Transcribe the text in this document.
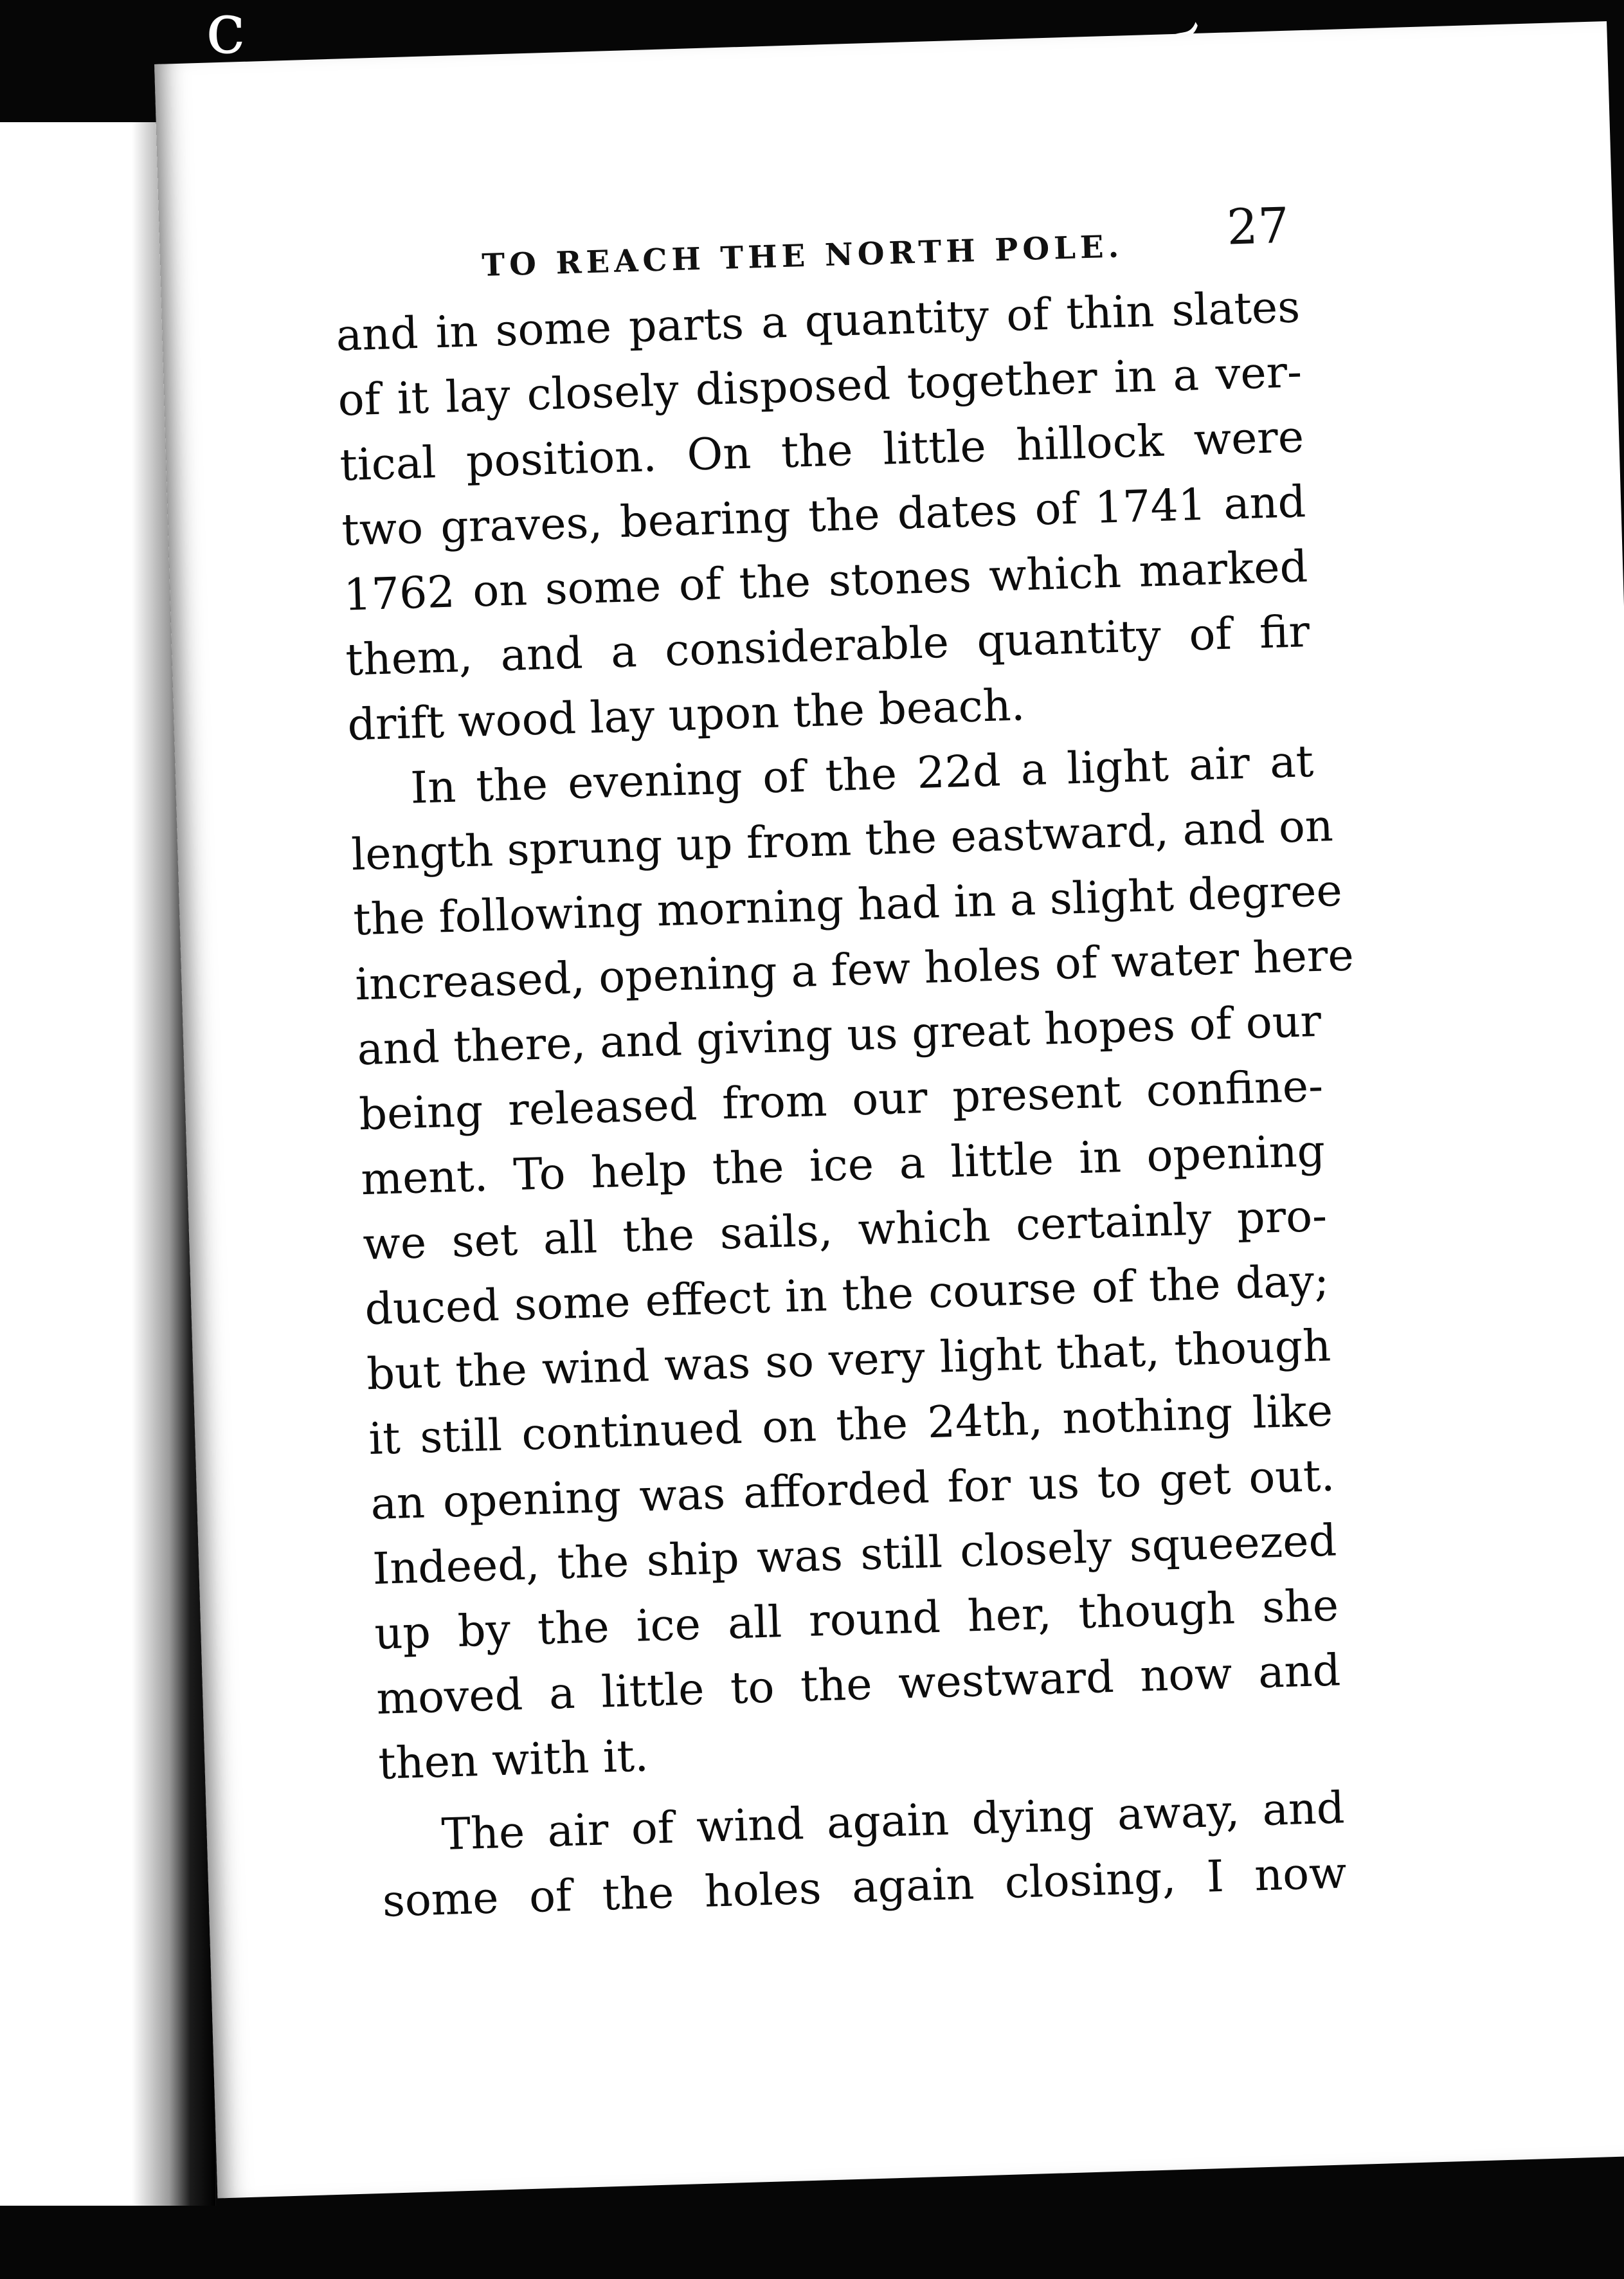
c
TO REACH THE NORTH POLE.
27
and in some parts a quantity of thin slates
of it lay closely disposed together in a ver-
tical position. On the little hillock were
two graves, bearing the dates of 1741 and
1762 on some of the stones which marked
them, and a considerable quantity of fir
drift wood lay upon the beach.
In the evening of the 22d a light air at
length sprung up from the eastward, and on
the following morning had in a slight degree
increased, opening a few holes of water here
and there, and giving us great hopes of our
being released from our present confine-
ment. To help the ice a little in opening
we set all the sails, which certainly pro-
duced some effect in the course of the day;
but the wind was so very light that, though
it still continued on the 24th, nothing like
an opening was afforded for us to get out.
Indeed, the ship was still closely squeezed
up by the ice all round her, though she
moved a little to the westward now and
then with it.
The air of wind again dying away, and
some of the holes again closing, I now
